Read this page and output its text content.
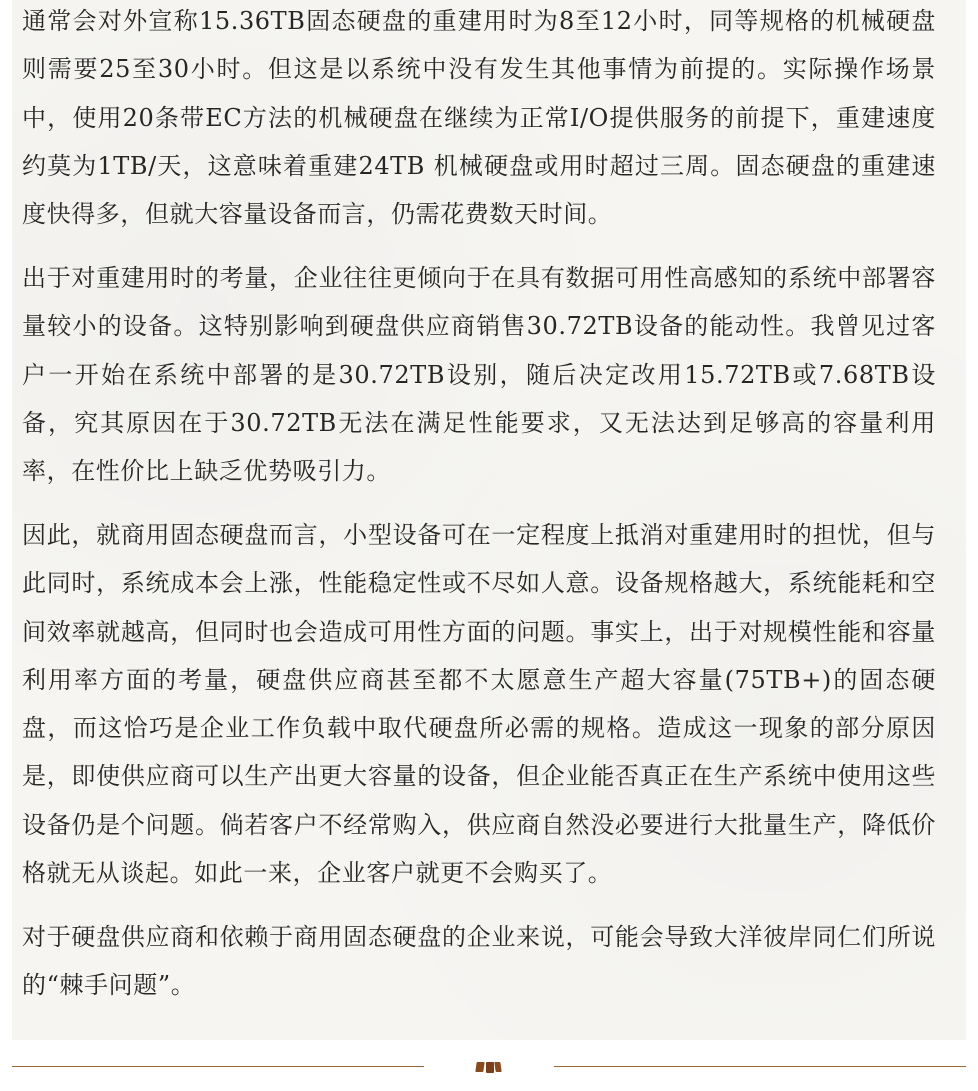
通常会对外宣称15.36TB固态硬盘的重建用时为8至12小时，同等规格的机械硬盘则需要25至30小时。但这是以系统中没有发生其他事情为前提的。实际操作场景中，使用20条带EC方法的机械硬盘在继续为正常I/O提供服务的前提下，重建速度约莫为1TB/天，这意味着重建24TB 机械硬盘或用时超过三周。固态硬盘的重建速度快得多，但就大容量设备而言，仍需花费数天时间。

出于对重建用时的考量，企业往往更倾向于在具有数据可用性高感知的系统中部署容量较小的设备。这特别影响到硬盘供应商销售30.72TB设备的能动性。我曾见过客户一开始在系统中部署的是30.72TB设别，随后决定改用15.72TB或7.68TB设备，究其原因在于30.72TB无法在满足性能要求，又无法达到足够高的容量利用率，在性价比上缺乏优势吸引力。

因此，就商用固态硬盘而言，小型设备可在一定程度上抵消对重建用时的担忧，但与此同时，系统成本会上涨，性能稳定性或不尽如人意。设备规格越大，系统能耗和空间效率就越高，但同时也会造成可用性方面的问题。事实上，出于对规模性能和容量利用率方面的考量，硬盘供应商甚至都不太愿意生产超大容量(75TB+)的固态硬盘，而这恰巧是企业工作负载中取代硬盘所必需的规格。造成这一现象的部分原因是，即使供应商可以生产出更大容量的设备，但企业能否真正在生产系统中使用这些设备仍是个问题。倘若客户不经常购入，供应商自然没必要进行大批量生产，降低价格就无从谈起。如此一来，企业客户就更不会购买了。

对于硬盘供应商和依赖于商用固态硬盘的企业来说，可能会导致大洋彼岸同仁们所说的“棘手问题”。
